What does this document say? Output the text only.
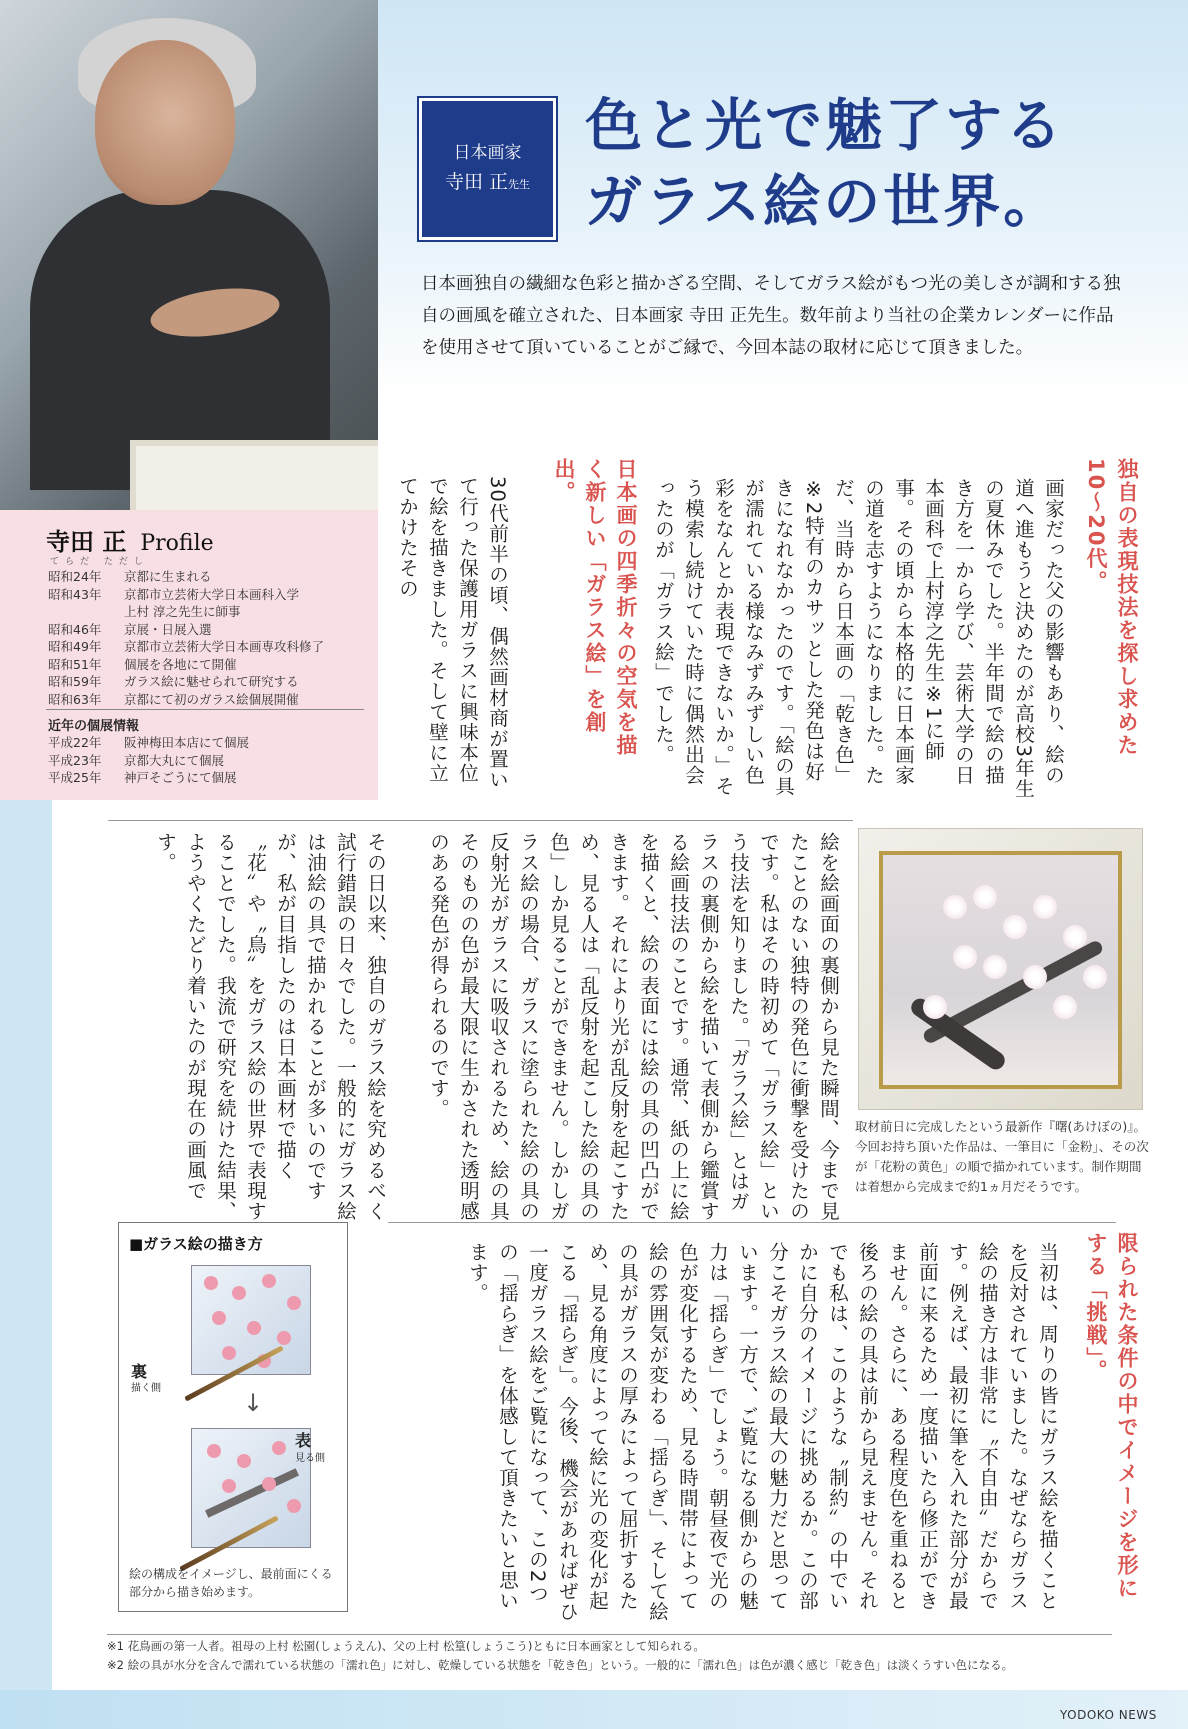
日本画家
寺田 正先生
色と光で魅了する
ガラス絵の世界。
日本画独自の繊細な色彩と描かざる空間、そしてガラス絵がもつ光の美しさが調和する独自の画風を確立された、日本画家 寺田 正先生。数年前より当社の企業カレンダーに作品を使用させて頂いていることがご縁で、今回本誌の取材に応じて頂きました。
寺田 正 Profile
てらだ ただし
昭和24年	京都に生まれる
昭和43年	京都市立芸術大学日本画科入学
上村 淳之先生に師事
昭和46年	京展・日展入選
昭和49年	京都市立芸術大学日本画専攻科修了
昭和51年	個展を各地にて開催
昭和59年	ガラス絵に魅せられて研究する
昭和63年	京都にて初のガラス絵個展開催
近年の個展情報
平成22年	阪神梅田本店にて個展
平成23年	京都大丸にて個展
平成25年	神戸そごうにて個展
独自の表現技法を探し求めた10～20代。
画家だった父の影響もあり、絵の道へ進もうと決めたのが高校3年生の夏休みでした。半年間で絵の描き方を一から学び、芸術大学の日本画科で上村淳之先生※1に師事。その頃から本格的に日本画家の道を志すようになりました。ただ、当時から日本画の「乾き色」※2特有のカサッとした発色は好きになれなかったのです。「絵の具が濡れている様なみずみずしい色彩をなんとか表現できないか。」そう模索し続けていた時に偶然出会ったのが「ガラス絵」でした。
日本画の四季折々の空気を描く新しい「ガラス絵」を創出。
30代前半の頃、偶然画材商が置いて行った保護用ガラスに興味本位で絵を描きました。そして壁に立てかけたその
絵を絵画面の裏側から見た瞬間、今まで見たことのない独特の発色に衝撃を受けたのです。私はその時初めて「ガラス絵」という技法を知りました。「ガラス絵」とはガラスの裏側から絵を描いて表側から鑑賞する絵画技法のことです。通常、紙の上に絵を描くと、絵の表面には絵の具の凹凸ができます。それにより光が乱反射を起こすため、見る人は「乱反射を起こした絵の具の色」しか見ることができません。しかしガラス絵の場合、ガラスに塗られた絵の具の反射光がガラスに吸収されるため、絵の具そのものの色が最大限に生かされた透明感のある発色が得られるのです。
その日以来、独自のガラス絵を究めるべく試行錯誤の日々でした。一般的にガラス絵は油絵の具で描かれることが多いのですが、私が目指したのは日本画材で描く〝花〟や〝鳥〟をガラス絵の世界で表現することでした。我流で研究を続けた結果、ようやくたどり着いたのが現在の画風です。
取材前日に完成したという最新作『曙(あけぼの)』。今回お持ち頂いた作品は、一筆目に「金粉」、その次が「花粉の黄色」の順で描かれています。制作期間は着想から完成まで約1ヵ月だそうです。
限られた条件の中でイメージを形にする「挑戦」。
当初は、周りの皆にガラス絵を描くことを反対されていました。なぜならガラス絵の描き方は非常に〝不自由〟だからです。例えば、最初に筆を入れた部分が最前面に来るため一度描いたら修正ができません。さらに、ある程度色を重ねると後ろの絵の具は前から見えません。それでも私は、このような〝制約〟の中でいかに自分のイメージに挑めるか。この部分こそガラス絵の最大の魅力だと思っています。一方で、ご覧になる側からの魅力は「揺らぎ」でしょう。朝昼夜で光の色が変化するため、見る時間帯によって絵の雰囲気が変わる「揺らぎ」、そして絵の具がガラスの厚みによって屈折するため、見る角度によって絵に光の変化が起こる「揺らぎ」。今後、機会があればぜひ一度ガラス絵をご覧になって、この2つの「揺らぎ」を体感して頂きたいと思います。
■ガラス絵の描き方
裏
描く側
↓
表
見る側
絵の構成をイメージし、最前面にくる部分から描き始めます。
※1 花鳥画の第一人者。祖母の上村 松園(しょうえん)、父の上村 松篁(しょうこう)ともに日本画家として知られる。
※2 絵の具が水分を含んで濡れている状態の「濡れ色」に対し、乾燥している状態を「乾き色」という。一般的に「濡れ色」は色が濃く感じ「乾き色」は淡くうすい色になる。
YODOKO NEWS
